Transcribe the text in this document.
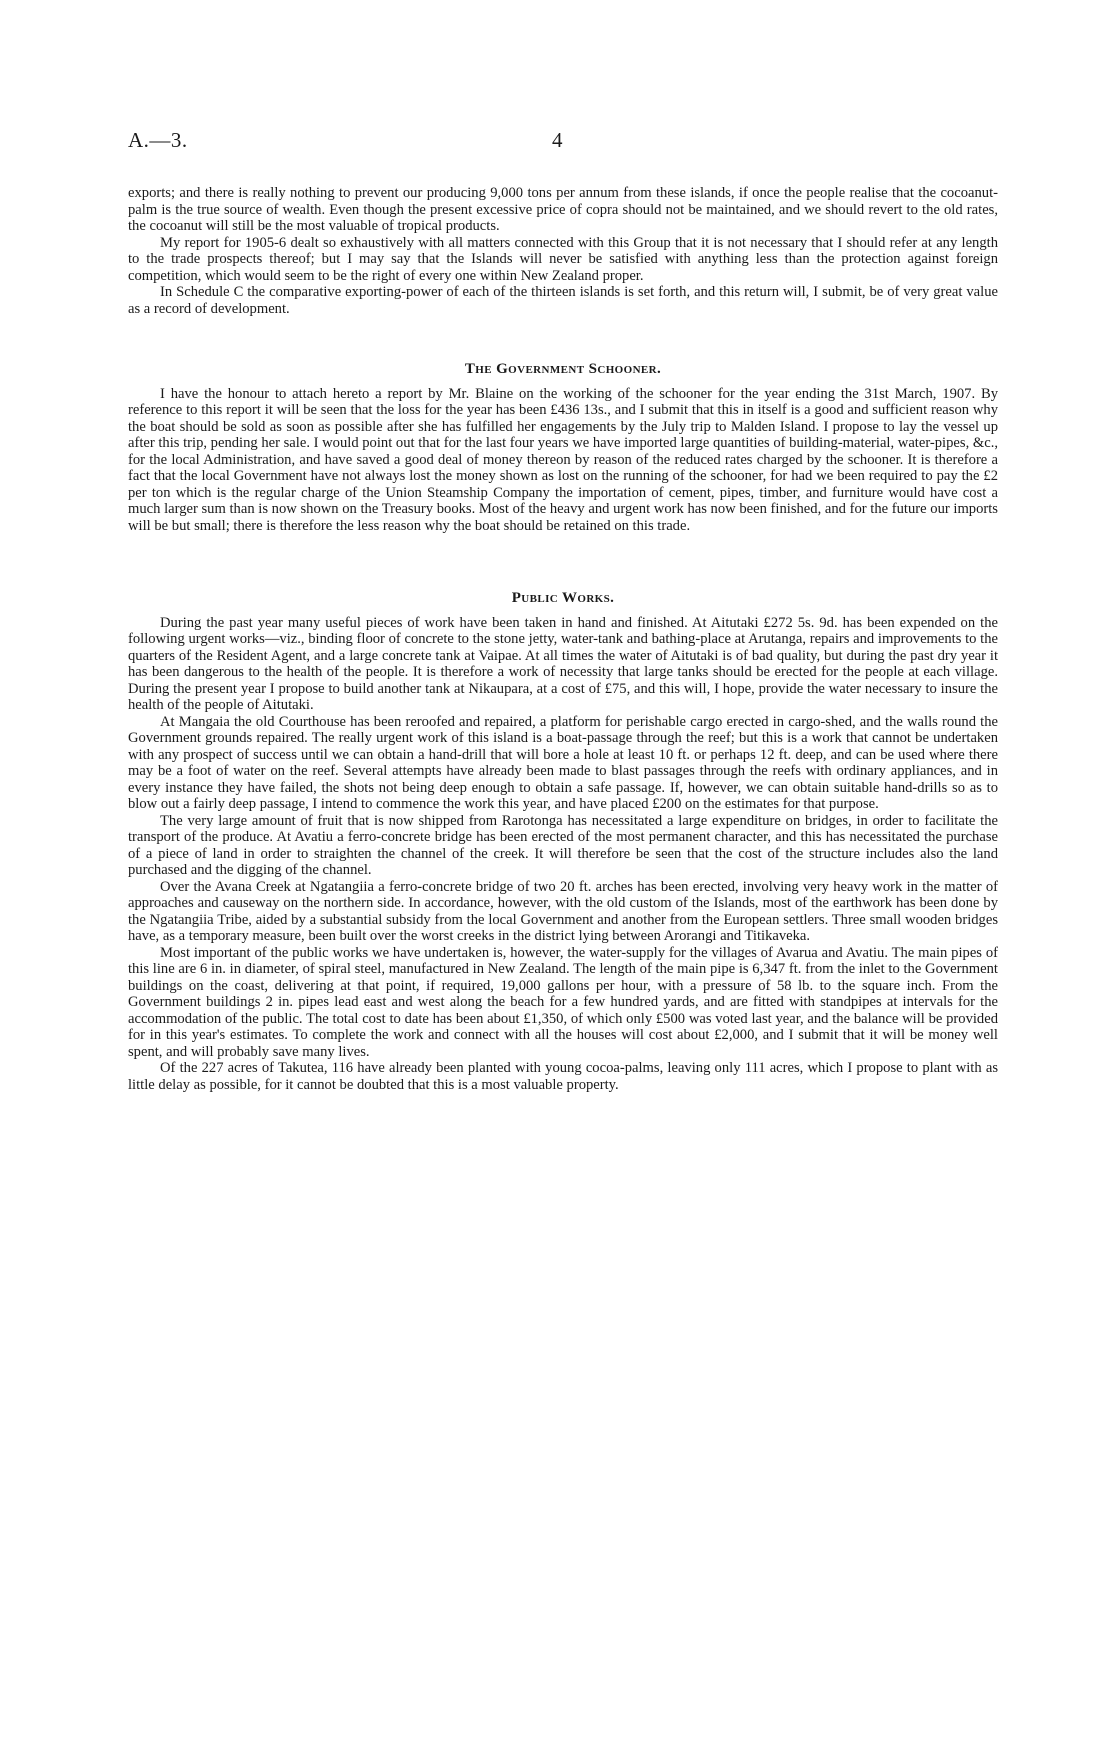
A.—3.	4

exports; and there is really nothing to prevent our producing 9,000 tons per annum from these islands, if once the people realise that the cocoanut-palm is the true source of wealth. Even though the present excessive price of copra should not be maintained, and we should revert to the old rates, the cocoanut will still be the most valuable of tropical products.

My report for 1905-6 dealt so exhaustively with all matters connected with this Group that it is not necessary that I should refer at any length to the trade prospects thereof; but I may say that the Islands will never be satisfied with anything less than the protection against foreign competition, which would seem to be the right of every one within New Zealand proper.

In Schedule C the comparative exporting-power of each of the thirteen islands is set forth, and this return will, I submit, be of very great value as a record of development.

The Government Schooner.

I have the honour to attach hereto a report by Mr. Blaine on the working of the schooner for the year ending the 31st March, 1907. By reference to this report it will be seen that the loss for the year has been £436 13s., and I submit that this in itself is a good and sufficient reason why the boat should be sold as soon as possible after she has fulfilled her engagements by the July trip to Malden Island. I propose to lay the vessel up after this trip, pending her sale. I would point out that for the last four years we have imported large quantities of building-material, water-pipes, &c., for the local Administration, and have saved a good deal of money thereon by reason of the reduced rates charged by the schooner. It is therefore a fact that the local Government have not always lost the money shown as lost on the running of the schooner, for had we been required to pay the £2 per ton which is the regular charge of the Union Steamship Company the importation of cement, pipes, timber, and furniture would have cost a much larger sum than is now shown on the Treasury books. Most of the heavy and urgent work has now been finished, and for the future our imports will be but small; there is therefore the less reason why the boat should be retained on this trade.

Public Works.

During the past year many useful pieces of work have been taken in hand and finished. At Aitutaki £272 5s. 9d. has been expended on the following urgent works—viz., binding floor of concrete to the stone jetty, water-tank and bathing-place at Arutanga, repairs and improvements to the quarters of the Resident Agent, and a large concrete tank at Vaipae. At all times the water of Aitutaki is of bad quality, but during the past dry year it has been dangerous to the health of the people. It is therefore a work of necessity that large tanks should be erected for the people at each village. During the present year I propose to build another tank at Nikaupara, at a cost of £75, and this will, I hope, provide the water necessary to insure the health of the people of Aitutaki.

At Mangaia the old Courthouse has been reroofed and repaired, a platform for perishable cargo erected in cargo-shed, and the walls round the Government grounds repaired. The really urgent work of this island is a boat-passage through the reef; but this is a work that cannot be undertaken with any prospect of success until we can obtain a hand-drill that will bore a hole at least 10 ft. or perhaps 12 ft. deep, and can be used where there may be a foot of water on the reef. Several attempts have already been made to blast passages through the reefs with ordinary appliances, and in every instance they have failed, the shots not being deep enough to obtain a safe passage. If, however, we can obtain suitable hand-drills so as to blow out a fairly deep passage, I intend to commence the work this year, and have placed £200 on the estimates for that purpose.

The very large amount of fruit that is now shipped from Rarotonga has necessitated a large expenditure on bridges, in order to facilitate the transport of the produce. At Avatiu a ferro-concrete bridge has been erected of the most permanent character, and this has necessitated the purchase of a piece of land in order to straighten the channel of the creek. It will therefore be seen that the cost of the structure includes also the land purchased and the digging of the channel.

Over the Avana Creek at Ngatangiia a ferro-concrete bridge of two 20 ft. arches has been erected, involving very heavy work in the matter of approaches and causeway on the northern side. In accordance, however, with the old custom of the Islands, most of the earthwork has been done by the Ngatangiia Tribe, aided by a substantial subsidy from the local Government and another from the European settlers. Three small wooden bridges have, as a temporary measure, been built over the worst creeks in the district lying between Arorangi and Titikaveka.

Most important of the public works we have undertaken is, however, the water-supply for the villages of Avarua and Avatiu. The main pipes of this line are 6 in. in diameter, of spiral steel, manufactured in New Zealand. The length of the main pipe is 6,347 ft. from the inlet to the Government buildings on the coast, delivering at that point, if required, 19,000 gallons per hour, with a pressure of 58 lb. to the square inch. From the Government buildings 2 in. pipes lead east and west along the beach for a few hundred yards, and are fitted with standpipes at intervals for the accommodation of the public. The total cost to date has been about £1,350, of which only £500 was voted last year, and the balance will be provided for in this year's estimates. To complete the work and connect with all the houses will cost about £2,000, and I submit that it will be money well spent, and will probably save many lives.

Of the 227 acres of Takutea, 116 have already been planted with young cocoa-palms, leaving only 111 acres, which I propose to plant with as little delay as possible, for it cannot be doubted that this is a most valuable property.
